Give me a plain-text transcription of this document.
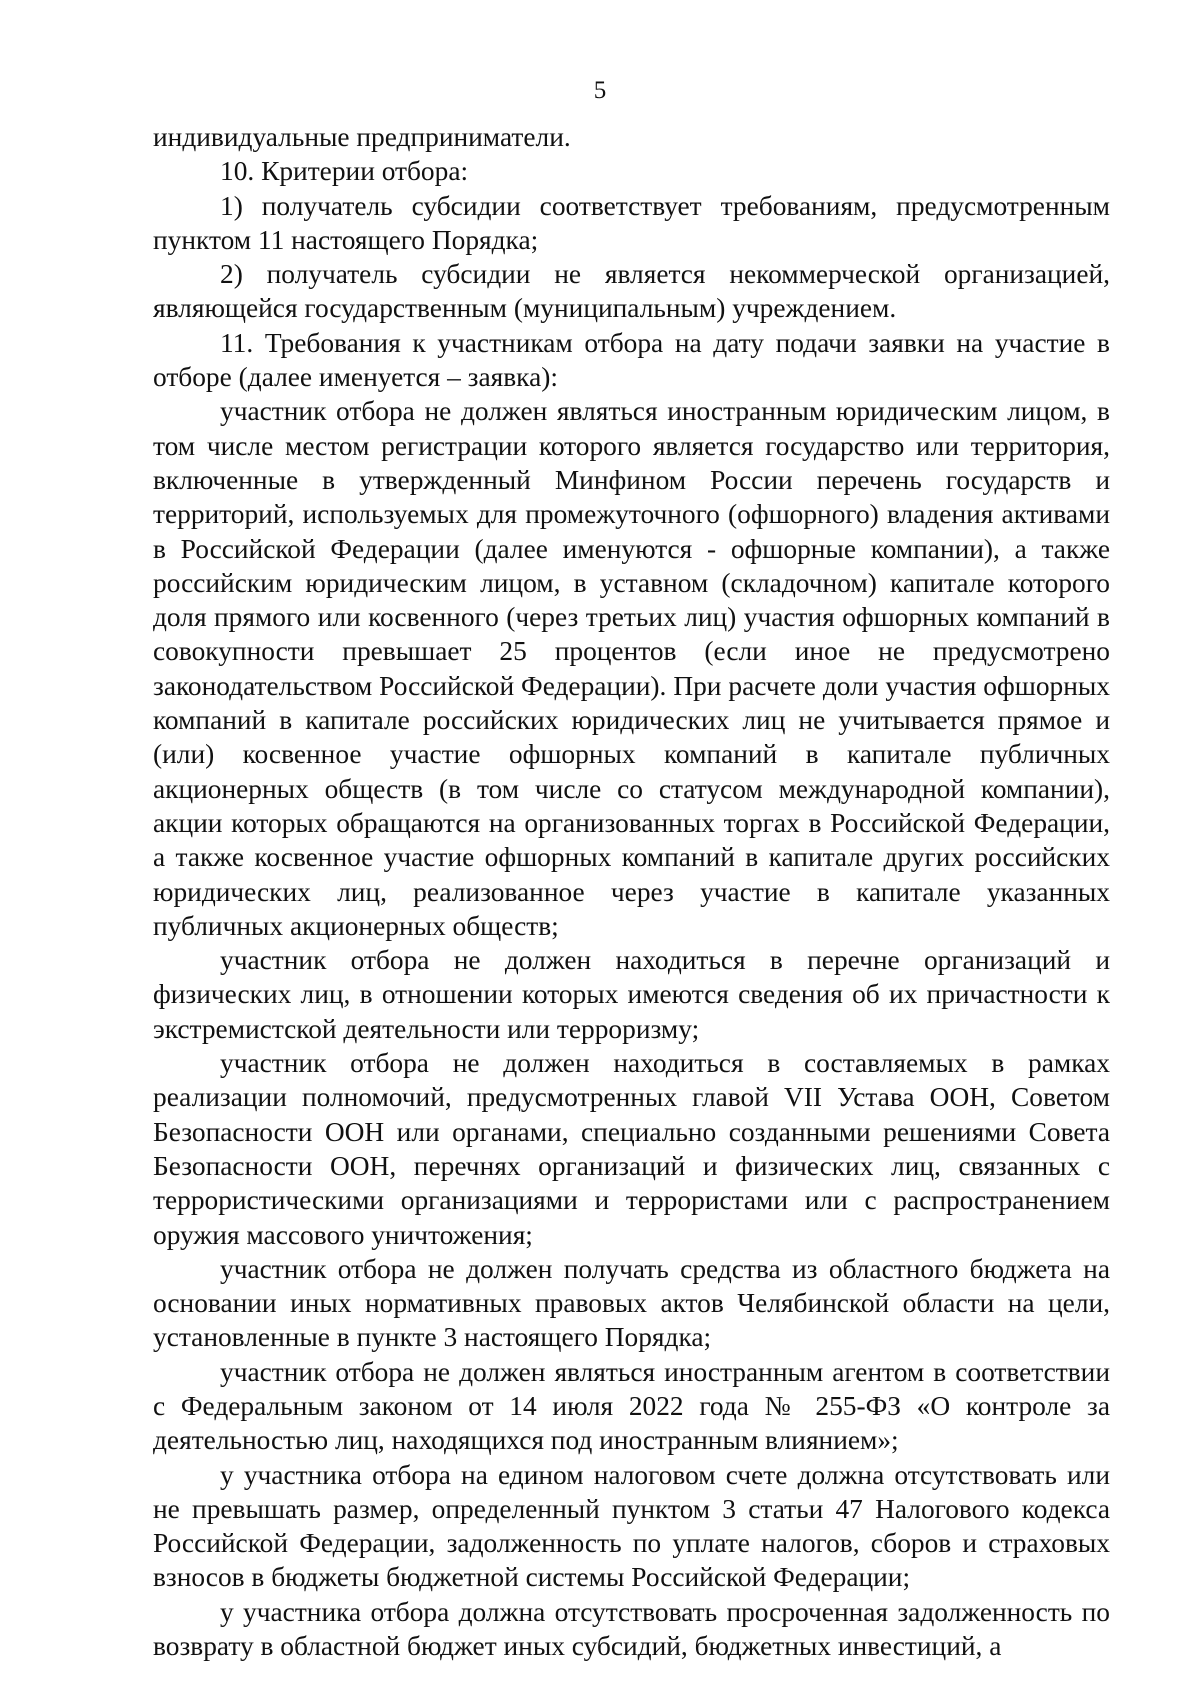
5

индивидуальные предприниматели.

10. Критерии отбора:

1) получатель субсидии соответствует требованиям, предусмотренным пунктом 11 настоящего Порядка;

2) получатель субсидии не является некоммерческой организацией, являющейся государственным (муниципальным) учреждением.

11. Требования к участникам отбора на дату подачи заявки на участие в отборе (далее именуется – заявка):

участник отбора не должен являться иностранным юридическим лицом, в том числе местом регистрации которого является государство или территория, включенные в утвержденный Минфином России перечень государств и территорий, используемых для промежуточного (офшорного) владения активами в Российской Федерации (далее именуются - офшорные компании), а также российским юридическим лицом, в уставном (складочном) капитале которого доля прямого или косвенного (через третьих лиц) участия офшорных компаний в совокупности превышает 25 процентов (если иное не предусмотрено законодательством Российской Федерации). При расчете доли участия офшорных компаний в капитале российских юридических лиц не учитывается прямое и (или) косвенное участие офшорных компаний в капитале публичных акционерных обществ (в том числе со статусом международной компании), акции которых обращаются на организованных торгах в Российской Федерации, а также косвенное участие офшорных компаний в капитале других российских юридических лиц, реализованное через участие в капитале указанных публичных акционерных обществ;

участник отбора не должен находиться в перечне организаций и физических лиц, в отношении которых имеются сведения об их причастности к экстремистской деятельности или терроризму;

участник отбора не должен находиться в составляемых в рамках реализации полномочий, предусмотренных главой VII Устава ООН, Советом Безопасности ООН или органами, специально созданными решениями Совета Безопасности ООН, перечнях организаций и физических лиц, связанных с террористическими организациями и террористами или с распространением оружия массового уничтожения;

участник отбора не должен получать средства из областного бюджета на основании иных нормативных правовых актов Челябинской области на цели, установленные в пункте 3 настоящего Порядка;

участник отбора не должен являться иностранным агентом в соответствии с Федеральным законом от 14 июля 2022 года № 255-ФЗ «О контроле за деятельностью лиц, находящихся под иностранным влиянием»;

у участника отбора на едином налоговом счете должна отсутствовать или не превышать размер, определенный пунктом 3 статьи 47 Налогового кодекса Российской Федерации, задолженность по уплате налогов, сборов и страховых взносов в бюджеты бюджетной системы Российской Федерации;

у участника отбора должна отсутствовать просроченная задолженность по возврату в областной бюджет иных субсидий, бюджетных инвестиций, а
